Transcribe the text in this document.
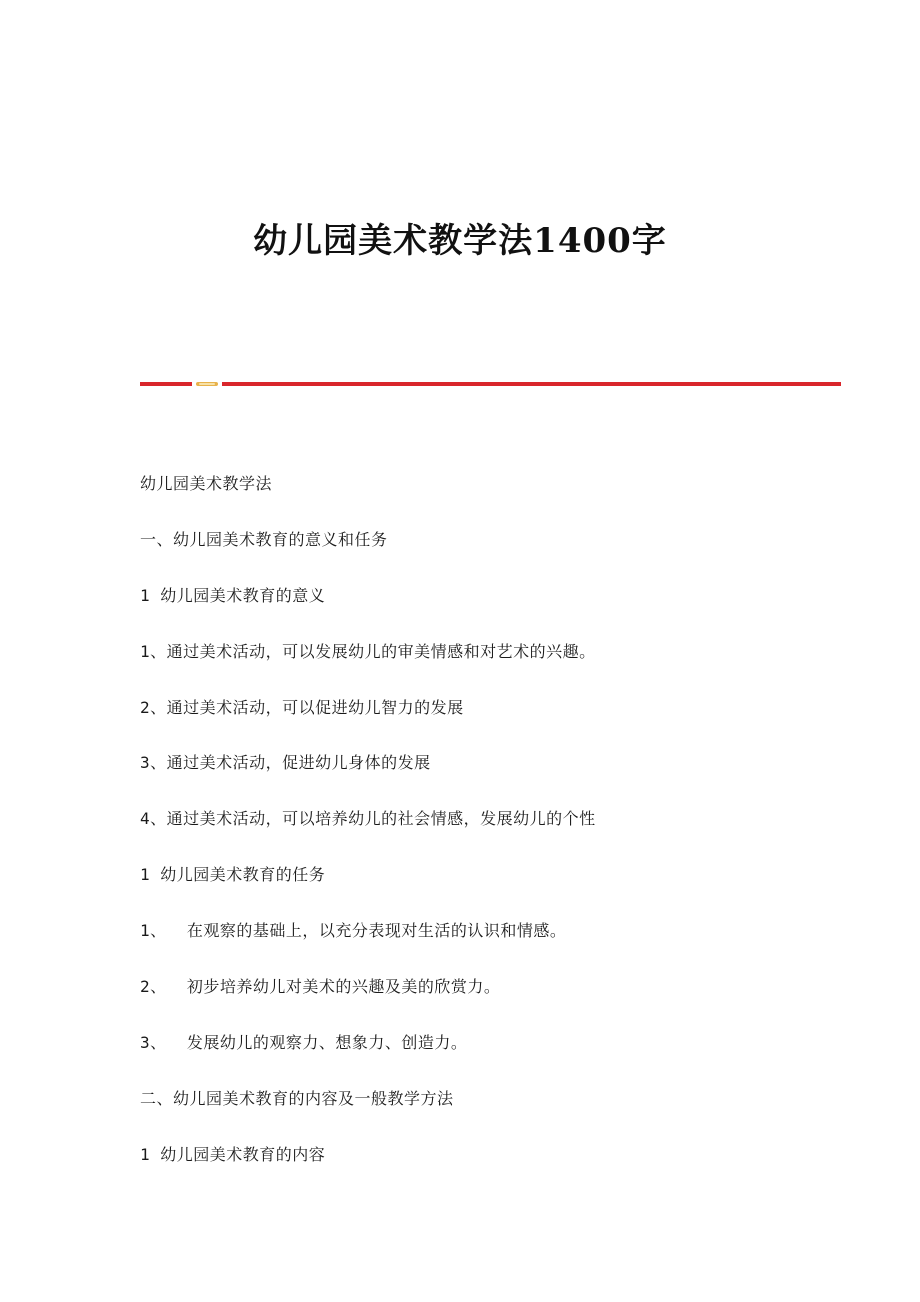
幼儿园美术教学法1400字
幼儿园美术教学法
一、幼儿园美术教育的意义和任务
1 幼儿园美术教育的意义
1、通过美术活动，可以发展幼儿的审美情感和对艺术的兴趣。
2、通过美术活动，可以促进幼儿智力的发展
3、通过美术活动，促进幼儿身体的发展
4、通过美术活动，可以培养幼儿的社会情感，发展幼儿的个性
1 幼儿园美术教育的任务
1、  在观察的基础上，以充分表现对生活的认识和情感。
2、  初步培养幼儿对美术的兴趣及美的欣赏力。
3、  发展幼儿的观察力、想象力、创造力。
二、幼儿园美术教育的内容及一般教学方法
1 幼儿园美术教育的内容
